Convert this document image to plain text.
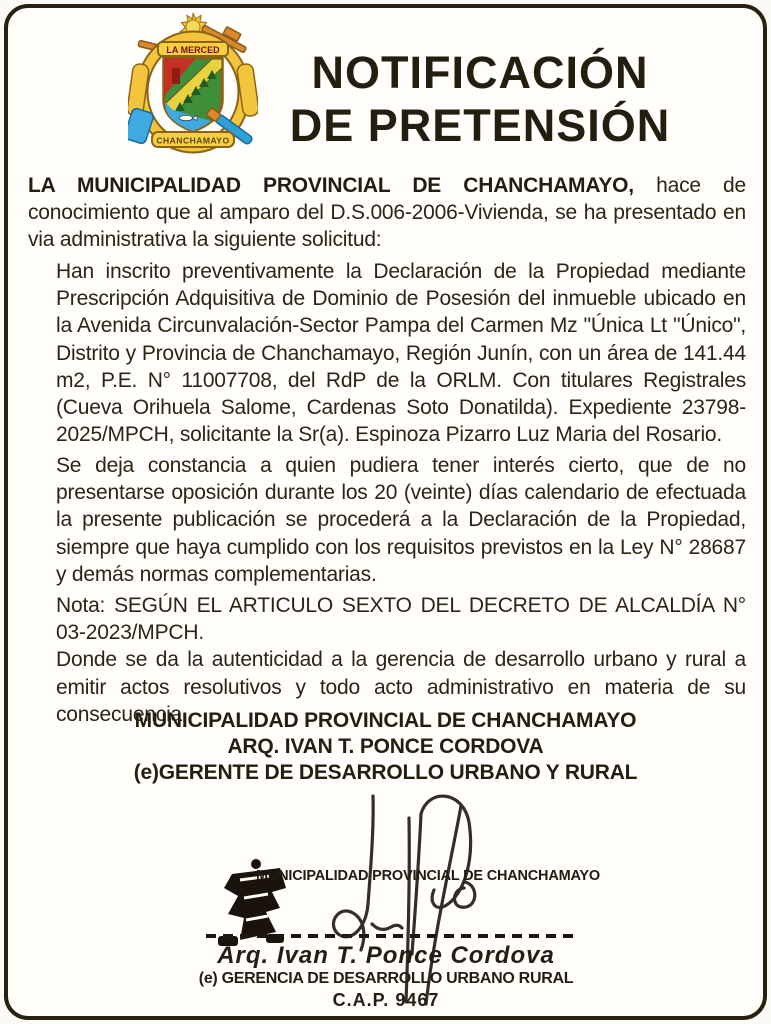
LA MERCED
CHANCHAMAYO
NOTIFICACIÓN
DE PRETENSIÓN
LA MUNICIPALIDAD PROVINCIAL DE CHANCHAMAYO, hace de conocimiento que al amparo del D.S.006-2006-Vivienda, se ha presentado en via administrativa la siguiente solicitud:
Han inscrito preventivamente la Declaración de la Propiedad mediante Prescripción Adquisitiva de Dominio de Posesión del inmueble ubicado en la Avenida Circunvalación-Sector Pampa del Carmen Mz "Única Lt "Único", Distrito y Provincia de Chanchamayo, Región Junín, con un área de 141.44 m2, P.E. N° 11007708, del RdP de la ORLM. Con titulares Registrales (Cueva Orihuela Salome, Cardenas Soto Donatilda). Expediente 23798-2025/MPCH, solicitante la Sr(a). Espinoza Pizarro Luz Maria del Rosario.
Se deja constancia a quien pudiera tener interés cierto, que de no presentarse oposición durante los 20 (veinte) días calendario de efectuada la presente publicación se procederá a la Declaración de la Propiedad, siempre que haya cumplido con los requisitos previstos en la Ley N° 28687 y demás normas complementarias.

Nota: SEGÚN EL ARTICULO SEXTO DEL DECRETO DE ALCALDÍA N° 03-2023/MPCH.

Donde se da la autenticidad a la gerencia de desarrollo urbano y rural a emitir actos resolutivos y todo acto administrativo en materia de su consecuencia.

MUNICIPALIDAD PROVINCIAL DE CHANCHAMAYO
ARQ. IVAN T. PONCE CORDOVA
(e)GERENTE DE DESARROLLO URBANO Y RURAL
MUNICIPALIDAD PROVINCIAL DE CHANCHAMAYO
Arq. Ivan T. Ponce Cordova
(e) GERENCIA DE DESARROLLO URBANO RURAL
C.A.P. 9467
